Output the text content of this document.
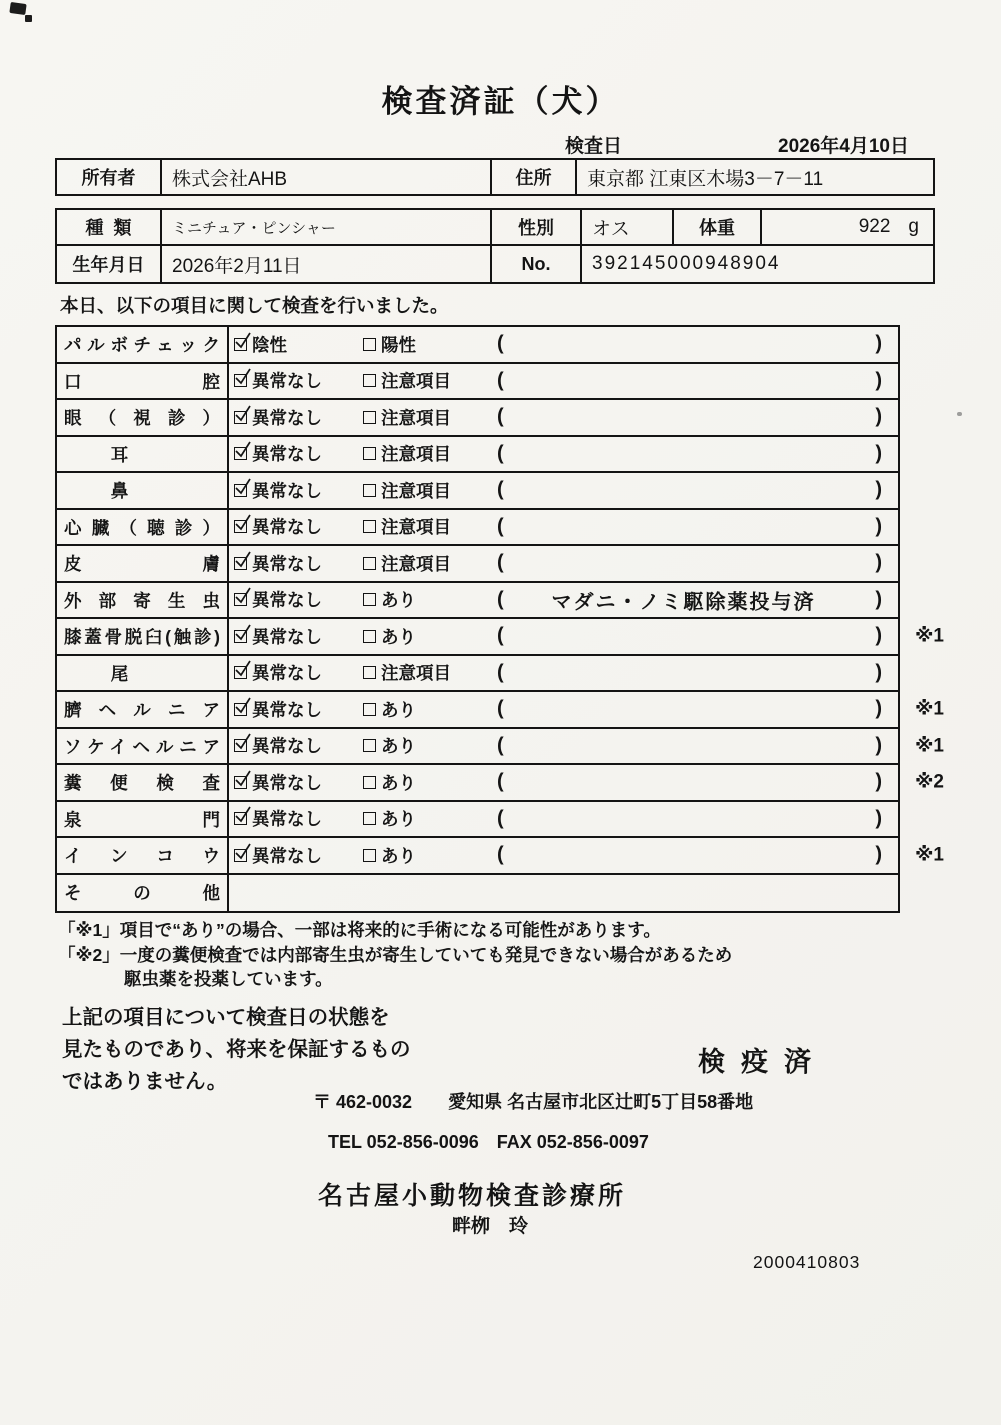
検査済証（犬）
検査日	2026年4月10日
所有者	株式会社AHB	住所	東京都 江東区木場3－7－11
種類	ミニチュア・ピンシャー	性別	オス	体重	922 g
生年月日	2026年2月11日	No.	392145000948904
本日、以下の項目に関して検査を行いました。
パルボチェック	陰性	陽性	(	)
口腔	異常なし	注意項目 (	)
眼（視診）	異常なし	注意項目 (	)
耳	異常なし	注意項目 (	)
鼻	異常なし	注意項目 (	)
心臓（聴診）	異常なし	注意項目 (	)
皮膚	異常なし	注意項目 (	)
外部寄生虫	異常なし	あり	(	マダニ・ノミ駆除薬投与済	)
膝蓋骨脱臼(触診)	異常なし	あり	(	) ※1
尾	異常なし	注意項目 (	)
臍ヘルニア	異常なし	あり	(	) ※1
ソケイヘルニア	異常なし	あり	(	) ※1
糞便検査	異常なし	あり	(	) ※2
泉門	異常なし	あり	(	)
インコウ	異常なし	あり	(	) ※1
その他
「※1」項目で“あり”の場合、一部は将来的に手術になる可能性があります。
「※2」一度の糞便検査では内部寄生虫が寄生していても発見できない場合があるため
駆虫薬を投薬しています。
上記の項目について検査日の状態を
見たものであり、将来を保証するもの
ではありません。
検疫済
〒 462-0032　　愛知県 名古屋市北区辻町5丁目58番地
TEL 052-856-0096　FAX 052-856-0097
名古屋小動物検査診療所
畔栁　玲
2000410803
